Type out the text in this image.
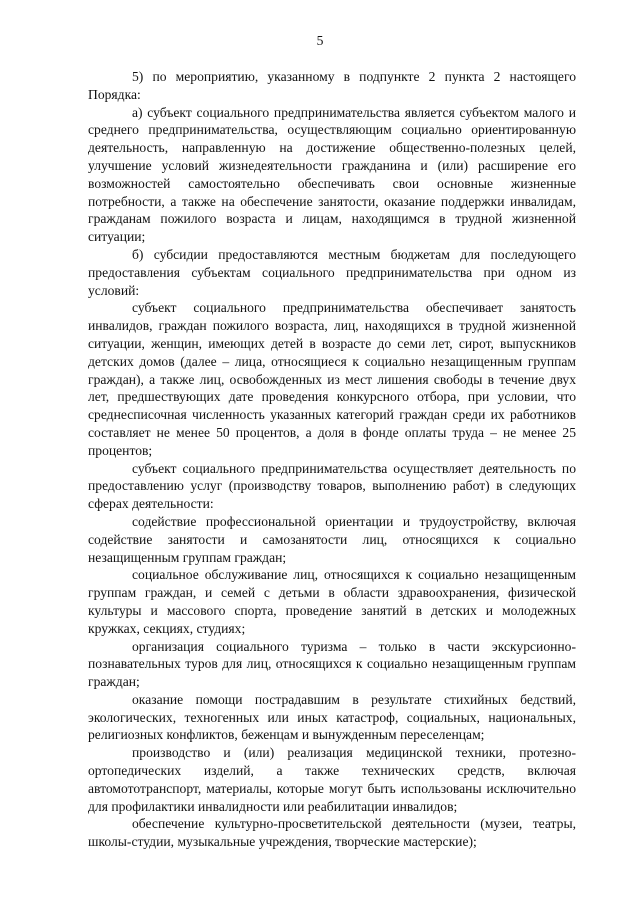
5

5) по мероприятию, указанному в подпункте 2 пункта 2 настоящего Порядка:

а) субъект социального предпринимательства является субъектом малого и среднего предпринимательства, осуществляющим социально ориентированную деятельность, направленную на достижение общественно-полезных целей, улучшение условий жизнедеятельности гражданина и (или) расширение его возможностей самостоятельно обеспечивать свои основные жизненные потребности, а также на обеспечение занятости, оказание поддержки инвалидам, гражданам пожилого возраста и лицам, находящимся в трудной жизненной ситуации;

б) субсидии предоставляются местным бюджетам для последующего предоставления субъектам социального предпринимательства при одном из условий:

субъект социального предпринимательства обеспечивает занятость инвалидов, граждан пожилого возраста, лиц, находящихся в трудной жизненной ситуации, женщин, имеющих детей в возрасте до семи лет, сирот, выпускников детских домов (далее – лица, относящиеся к социально незащищенным группам граждан), а также лиц, освобожденных из мест лишения свободы в течение двух лет, предшествующих дате проведения конкурсного отбора, при условии, что среднесписочная численность указанных категорий граждан среди их работников составляет не менее 50 процентов, а доля в фонде оплаты труда – не менее 25 процентов;

субъект социального предпринимательства осуществляет деятельность по предоставлению услуг (производству товаров, выполнению работ) в следующих сферах деятельности:

содействие профессиональной ориентации и трудоустройству, включая содействие занятости и самозанятости лиц, относящихся к социально незащищенным группам граждан;

социальное обслуживание лиц, относящихся к социально незащищенным группам граждан, и семей с детьми в области здравоохранения, физической культуры и массового спорта, проведение занятий в детских и молодежных кружках, секциях, студиях;

организация социального туризма – только в части экскурсионно-познавательных туров для лиц, относящихся к социально незащищенным группам граждан;

оказание помощи пострадавшим в результате стихийных бедствий, экологических, техногенных или иных катастроф, социальных, национальных, религиозных конфликтов, беженцам и вынужденным переселенцам;

производство и (или) реализация медицинской техники, протезно-ортопедических изделий, а также технических средств, включая автомототранспорт, материалы, которые могут быть использованы исключительно для профилактики инвалидности или реабилитации инвалидов;

обеспечение культурно-просветительской деятельности (музеи, театры, школы-студии, музыкальные учреждения, творческие мастерские);
